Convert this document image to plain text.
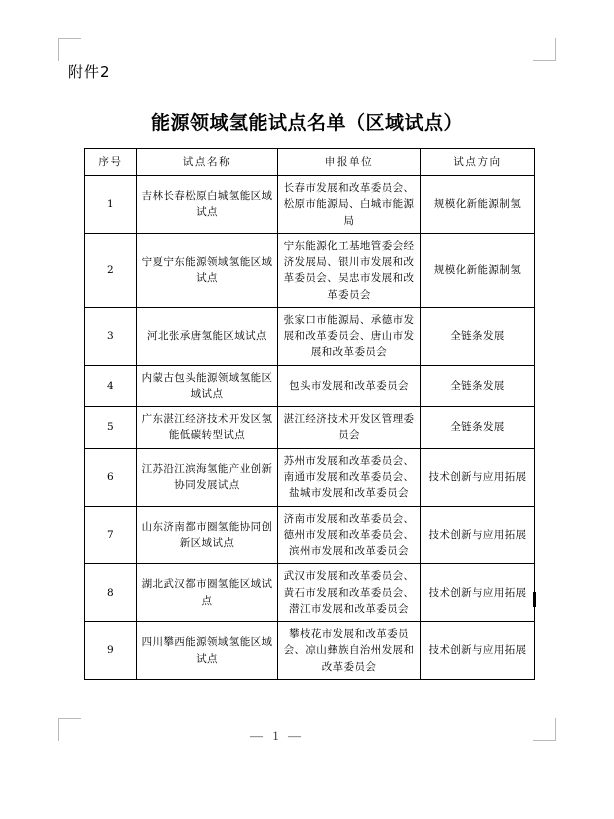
附件2
能源领域氢能试点名单（区域试点）
序号	试点名称	申报单位	试点方向
1	吉林长春松原白城氢能区域试点	长春市发展和改革委员会、松原市能源局、白城市能源局	规模化新能源制氢
2	宁夏宁东能源领域氢能区域试点	宁东能源化工基地管委会经济发展局、银川市发展和改革委员会、吴忠市发展和改革委员会	规模化新能源制氢
3	河北张承唐氢能区域试点	张家口市能源局、承德市发展和改革委员会、唐山市发展和改革委员会	全链条发展
4	内蒙古包头能源领域氢能区域试点	包头市发展和改革委员会	全链条发展
5	广东湛江经济技术开发区氢能低碳转型试点	湛江经济技术开发区管理委员会	全链条发展
6	江苏沿江滨海氢能产业创新协同发展试点	苏州市发展和改革委员会、南通市发展和改革委员会、盐城市发展和改革委员会	技术创新与应用拓展
7	山东济南都市圈氢能协同创新区域试点	济南市发展和改革委员会、德州市发展和改革委员会、滨州市发展和改革委员会	技术创新与应用拓展
8	湖北武汉都市圈氢能区域试点	武汉市发展和改革委员会、黄石市发展和改革委员会、潜江市发展和改革委员会	技术创新与应用拓展
9	四川攀西能源领域氢能区域试点	攀枝花市发展和改革委员会、凉山彝族自治州发展和改革委员会	技术创新与应用拓展
— 1 —
